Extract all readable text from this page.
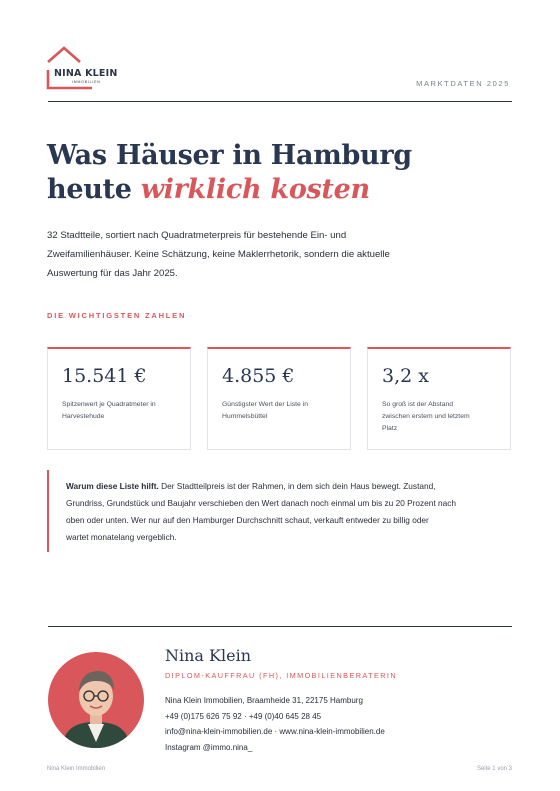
NINA KLEIN
IMMOBILIEN	MARKTDATEN 2025
Was Häuser in Hamburg
heute wirklich kosten
32 Stadtteile, sortiert nach Quadratmeterpreis für bestehende Ein- und
Zweifamilienhäuser. Keine Schätzung, keine Maklerrhetorik, sondern die aktuelle
Auswertung für das Jahr 2025.
DIE WICHTIGSTEN ZAHLEN
15.541 €
Spitzenwert je Quadratmeter in
Harvestehude
4.855 €
Günstigster Wert der Liste in
Hummelsbüttel
3,2 x
So groß ist der Abstand
zwischen erstem und letztem
Platz
Warum diese Liste hilft. Der Stadtteilpreis ist der Rahmen, in dem sich dein Haus bewegt. Zustand,
Grundriss, Grundstück und Baujahr verschieben den Wert danach noch einmal um bis zu 20 Prozent nach
oben oder unten. Wer nur auf den Hamburger Durchschnitt schaut, verkauft entweder zu billig oder
wartet monatelang vergeblich.
Nina Klein
DIPLOM-KAUFFRAU (FH), IMMOBILIENBERATERIN
Nina Klein Immobilien, Braamheide 31, 22175 Hamburg
+49 (0)175 626 75 92 · +49 (0)40 645 28 45
info@nina-klein-immobilien.de · www.nina-klein-immobilien.de
Instagram @immo.nina_
Nina Klein Immobilien	Seite 1 von 3
